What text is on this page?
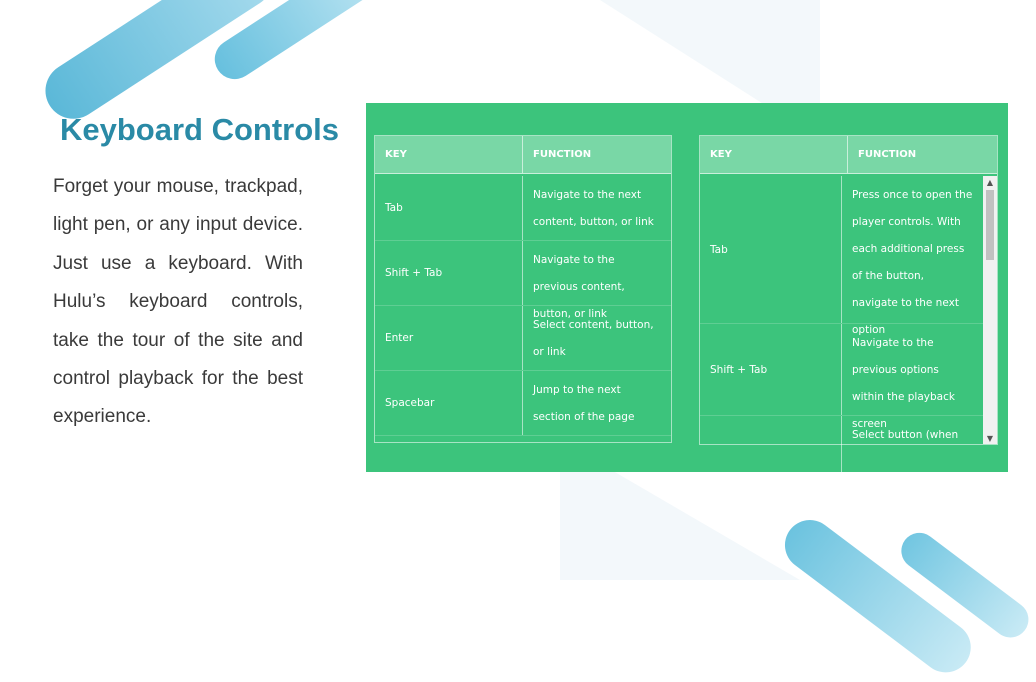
Keyboard Controls

Forget your mouse, trackpad, light pen, or any input device. Just use a keyboard. With Hulu’s keyboard controls, take the tour of the site and control playback for the best experience.

KEY	FUNCTION
Tab
Navigate to the next content, button, or link
Shift + Tab
Navigate to the previous content, button, or link
Enter
Select content, button, or link
Spacebar
Jump to the next section of the page
KEY	FUNCTION
Tab
Press once to open the player controls. With each additional press of the button, navigate to the next option
Shift + Tab
Navigate to the previous options within the playback screen
Enter
Select button (when
▲
▼
